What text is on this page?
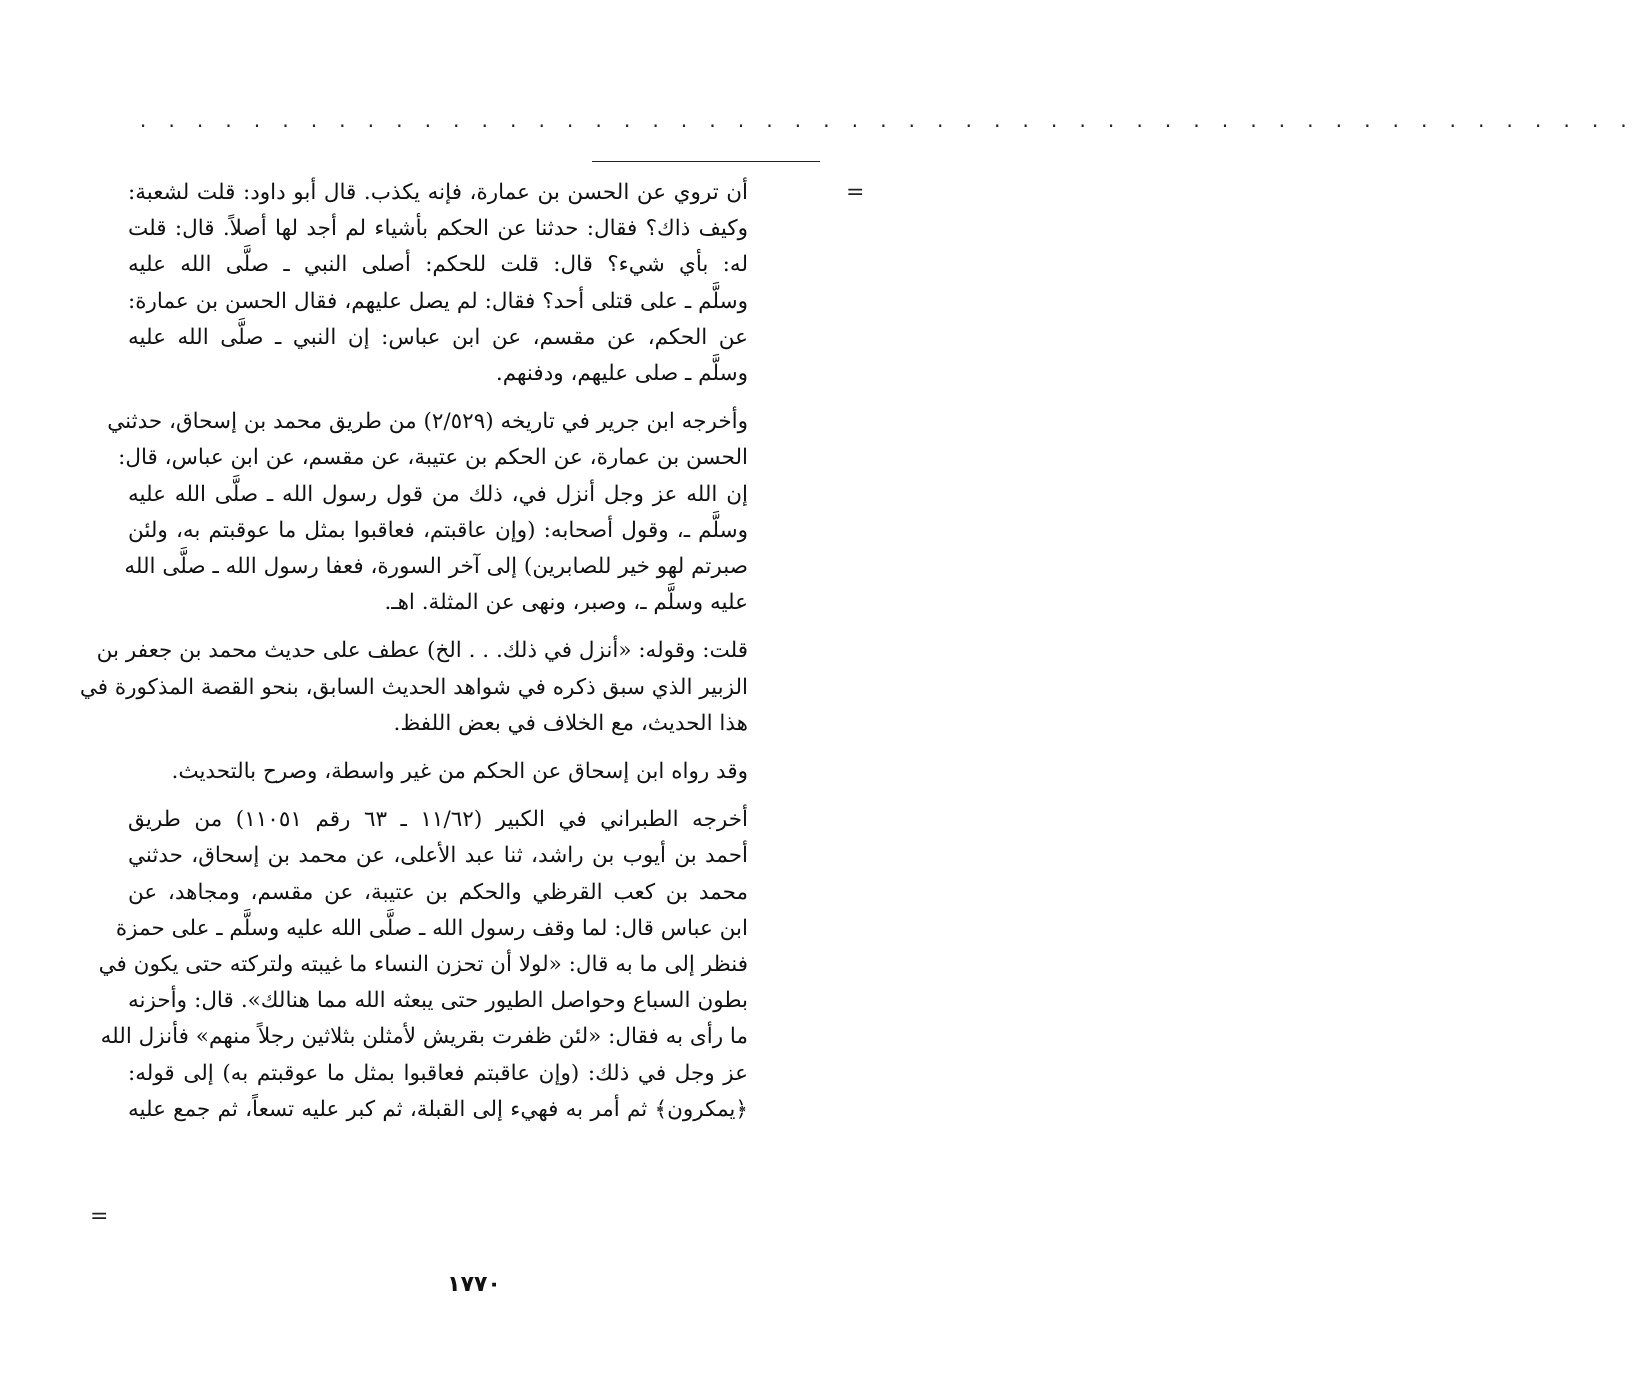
. . . . . . . . . . . . . . . . . . . . . . . . . . . . . . . . . . . . . . . . . . . . . . . . . . . . .
=
أن تروي عن الحسن بن عمارة، فإنه يكذب. قال أبو داود: قلت لشعبة:
وكيف ذاك؟ فقال: حدثنا عن الحكم بأشياء لم أجد لها أصلاً. قال: قلت
له: بأي شيء؟ قال: قلت للحكم: أصلى النبي ـ صلَّى الله عليه
وسلَّم ـ على قتلى أحد؟ فقال: لم يصل عليهم، فقال الحسن بن عمارة:
عن الحكم، عن مقسم، عن ابن عباس: إن النبي ـ صلَّى الله عليه
وسلَّم ـ صلى عليهم، ودفنهم.
وأخرجه ابن جرير في تاريخه (٢/٥٢٩) من طريق محمد بن إسحاق، حدثني
الحسن بن عمارة، عن الحكم بن عتيبة، عن مقسم، عن ابن عباس، قال:
إن الله عز وجل أنزل في، ذلك من قول رسول الله ـ صلَّى الله عليه
وسلَّم ـ، وقول أصحابه: (وإن عاقبتم، فعاقبوا بمثل ما عوقبتم به، ولئن
صبرتم لهو خير للصابرين) إلى آخر السورة، فعفا رسول الله ـ صلَّى الله
عليه وسلَّم ـ، وصبر، ونهى عن المثلة. اهـ.
قلت: وقوله: «أنزل في ذلك. . . الخ) عطف على حديث محمد بن جعفر بن
الزبير الذي سبق ذكره في شواهد الحديث السابق، بنحو القصة المذكورة في
هذا الحديث، مع الخلاف في بعض اللفظ.
وقد رواه ابن إسحاق عن الحكم من غير واسطة، وصرح بالتحديث.
أخرجه الطبراني في الكبير (١١/٦٢ ـ ٦٣ رقم ١١٠٥١) من طريق
أحمد بن أيوب بن راشد، ثنا عبد الأعلى، عن محمد بن إسحاق، حدثني
محمد بن كعب القرظي والحكم بن عتيبة، عن مقسم، ومجاهد، عن
ابن عباس قال: لما وقف رسول الله ـ صلَّى الله عليه وسلَّم ـ على حمزة
فنظر إلى ما به قال: «لولا أن تحزن النساء ما غيبته ولتركته حتى يكون في
بطون السباع وحواصل الطيور حتى يبعثه الله مما هنالك». قال: وأحزنه
ما رأى به فقال: «لئن ظفرت بقريش لأمثلن بثلاثين رجلاً منهم» فأنزل الله
عز وجل في ذلك: (وإن عاقبتم فعاقبوا بمثل ما عوقبتم به) إلى قوله:
﴿يمكرون﴾ ثم أمر به فهيء إلى القبلة، ثم كبر عليه تسعاً، ثم جمع عليه
=
١٧٧٠
